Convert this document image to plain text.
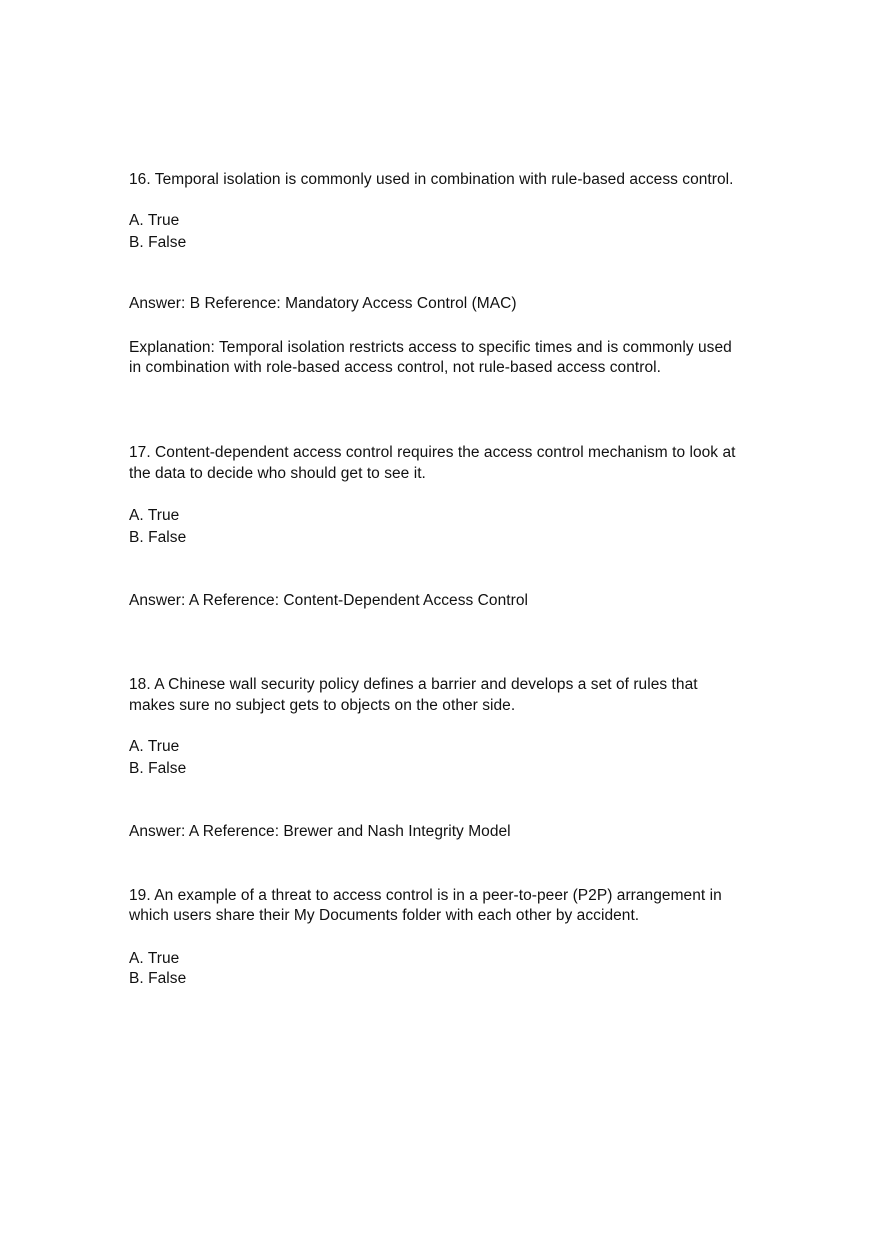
16. Temporal isolation is commonly used in combination with rule-based access control.
A. True
B. False
Answer: B Reference: Mandatory Access Control (MAC)
Explanation: Temporal isolation restricts access to specific times and is commonly used
in combination with role-based access control, not rule-based access control.
17. Content-dependent access control requires the access control mechanism to look at
the data to decide who should get to see it.
A. True
B. False
Answer: A Reference: Content-Dependent Access Control
18. A Chinese wall security policy defines a barrier and develops a set of rules that
makes sure no subject gets to objects on the other side.
A. True
B. False
Answer: A Reference: Brewer and Nash Integrity Model
19. An example of a threat to access control is in a peer-to-peer (P2P) arrangement in
which users share their My Documents folder with each other by accident.
A. True
B. False
